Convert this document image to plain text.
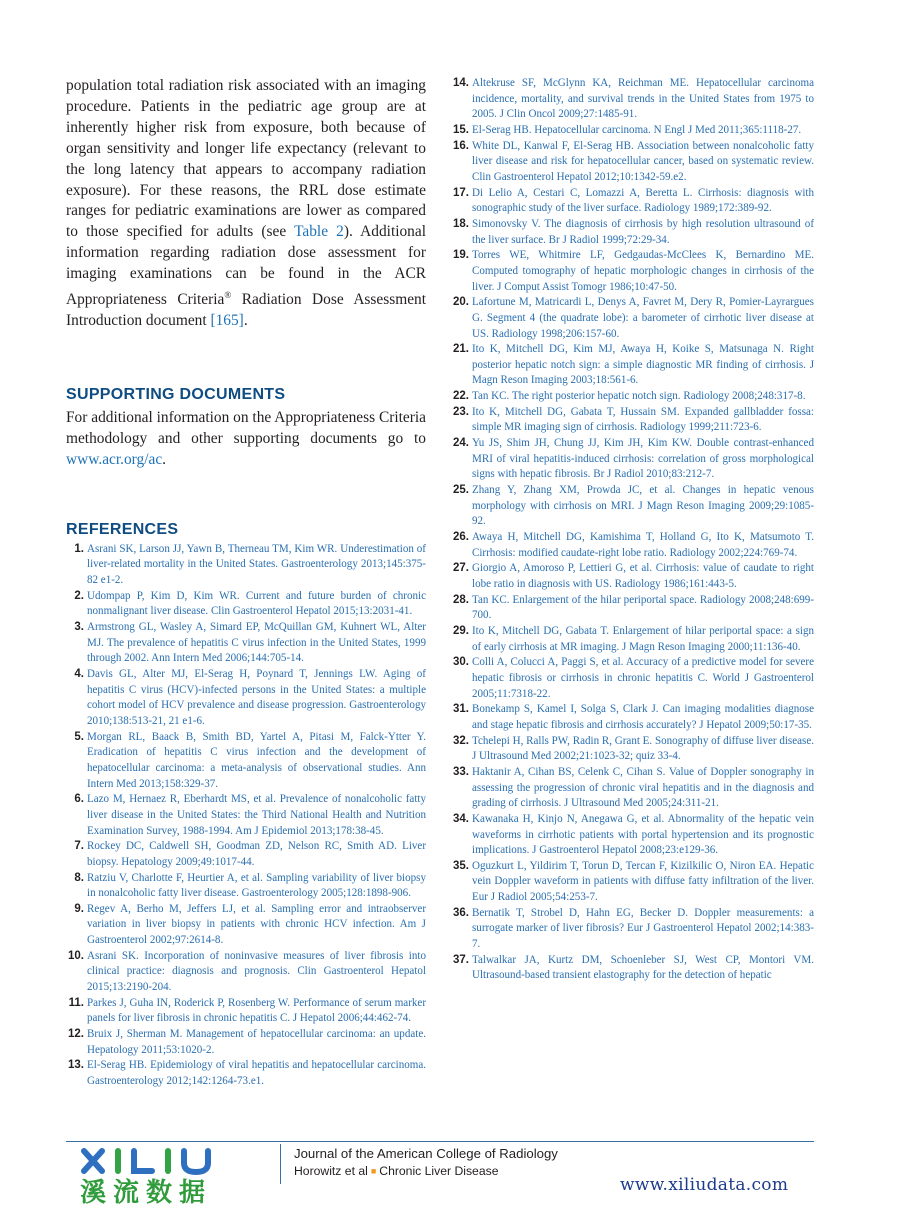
population total radiation risk associated with an imaging procedure. Patients in the pediatric age group are at inherently higher risk from exposure, both because of organ sensitivity and longer life expectancy (relevant to the long latency that appears to accompany radiation exposure). For these reasons, the RRL dose estimate ranges for pediatric examinations are lower as compared to those specified for adults (see Table 2). Additional information regarding radiation dose assessment for imaging examinations can be found in the ACR Appropriateness Criteria® Radiation Dose Assessment Introduction document [165].

SUPPORTING DOCUMENTS

For additional information on the Appropriateness Criteria methodology and other supporting documents go to www.acr.org/ac.

REFERENCES
1. Asrani SK, Larson JJ, Yawn B, Therneau TM, Kim WR. Underestimation of liver-related mortality in the United States. Gastroenterology 2013;145:375-82 e1-2.
2. Udompap P, Kim D, Kim WR. Current and future burden of chronic nonmalignant liver disease. Clin Gastroenterol Hepatol 2015;13:2031-41.
3. Armstrong GL, Wasley A, Simard EP, McQuillan GM, Kuhnert WL, Alter MJ. The prevalence of hepatitis C virus infection in the United States, 1999 through 2002. Ann Intern Med 2006;144:705-14.
4. Davis GL, Alter MJ, El-Serag H, Poynard T, Jennings LW. Aging of hepatitis C virus (HCV)-infected persons in the United States: a multiple cohort model of HCV prevalence and disease progression. Gastroenterology 2010;138:513-21, 21 e1-6.
5. Morgan RL, Baack B, Smith BD, Yartel A, Pitasi M, Falck-Ytter Y. Eradication of hepatitis C virus infection and the development of hepatocellular carcinoma: a meta-analysis of observational studies. Ann Intern Med 2013;158:329-37.
6. Lazo M, Hernaez R, Eberhardt MS, et al. Prevalence of nonalcoholic fatty liver disease in the United States: the Third National Health and Nutrition Examination Survey, 1988-1994. Am J Epidemiol 2013;178:38-45.
7. Rockey DC, Caldwell SH, Goodman ZD, Nelson RC, Smith AD. Liver biopsy. Hepatology 2009;49:1017-44.
8. Ratziu V, Charlotte F, Heurtier A, et al. Sampling variability of liver biopsy in nonalcoholic fatty liver disease. Gastroenterology 2005;128:1898-906.
9. Regev A, Berho M, Jeffers LJ, et al. Sampling error and intraobserver variation in liver biopsy in patients with chronic HCV infection. Am J Gastroenterol 2002;97:2614-8.
10. Asrani SK. Incorporation of noninvasive measures of liver fibrosis into clinical practice: diagnosis and prognosis. Clin Gastroenterol Hepatol 2015;13:2190-204.
11. Parkes J, Guha IN, Roderick P, Rosenberg W. Performance of serum marker panels for liver fibrosis in chronic hepatitis C. J Hepatol 2006;44:462-74.
12. Bruix J, Sherman M. Management of hepatocellular carcinoma: an update. Hepatology 2011;53:1020-2.
13. El-Serag HB. Epidemiology of viral hepatitis and hepatocellular carcinoma. Gastroenterology 2012;142:1264-73.e1.
14. Altekruse SF, McGlynn KA, Reichman ME. Hepatocellular carcinoma incidence, mortality, and survival trends in the United States from 1975 to 2005. J Clin Oncol 2009;27:1485-91.
15. El-Serag HB. Hepatocellular carcinoma. N Engl J Med 2011;365:1118-27.
16. White DL, Kanwal F, El-Serag HB. Association between nonalcoholic fatty liver disease and risk for hepatocellular cancer, based on systematic review. Clin Gastroenterol Hepatol 2012;10:1342-59.e2.
17. Di Lelio A, Cestari C, Lomazzi A, Beretta L. Cirrhosis: diagnosis with sonographic study of the liver surface. Radiology 1989;172:389-92.
18. Simonovsky V. The diagnosis of cirrhosis by high resolution ultrasound of the liver surface. Br J Radiol 1999;72:29-34.
19. Torres WE, Whitmire LF, Gedgaudas-McClees K, Bernardino ME. Computed tomography of hepatic morphologic changes in cirrhosis of the liver. J Comput Assist Tomogr 1986;10:47-50.
20. Lafortune M, Matricardi L, Denys A, Favret M, Dery R, Pomier-Layrargues G. Segment 4 (the quadrate lobe): a barometer of cirrhotic liver disease at US. Radiology 1998;206:157-60.
21. Ito K, Mitchell DG, Kim MJ, Awaya H, Koike S, Matsunaga N. Right posterior hepatic notch sign: a simple diagnostic MR finding of cirrhosis. J Magn Reson Imaging 2003;18:561-6.
22. Tan KC. The right posterior hepatic notch sign. Radiology 2008;248:317-8.
23. Ito K, Mitchell DG, Gabata T, Hussain SM. Expanded gallbladder fossa: simple MR imaging sign of cirrhosis. Radiology 1999;211:723-6.
24. Yu JS, Shim JH, Chung JJ, Kim JH, Kim KW. Double contrast-enhanced MRI of viral hepatitis-induced cirrhosis: correlation of gross morphological signs with hepatic fibrosis. Br J Radiol 2010;83:212-7.
25. Zhang Y, Zhang XM, Prowda JC, et al. Changes in hepatic venous morphology with cirrhosis on MRI. J Magn Reson Imaging 2009;29:1085-92.
26. Awaya H, Mitchell DG, Kamishima T, Holland G, Ito K, Matsumoto T. Cirrhosis: modified caudate-right lobe ratio. Radiology 2002;224:769-74.
27. Giorgio A, Amoroso P, Lettieri G, et al. Cirrhosis: value of caudate to right lobe ratio in diagnosis with US. Radiology 1986;161:443-5.
28. Tan KC. Enlargement of the hilar periportal space. Radiology 2008;248:699-700.
29. Ito K, Mitchell DG, Gabata T. Enlargement of hilar periportal space: a sign of early cirrhosis at MR imaging. J Magn Reson Imaging 2000;11:136-40.
30. Colli A, Colucci A, Paggi S, et al. Accuracy of a predictive model for severe hepatic fibrosis or cirrhosis in chronic hepatitis C. World J Gastroenterol 2005;11:7318-22.
31. Bonekamp S, Kamel I, Solga S, Clark J. Can imaging modalities diagnose and stage hepatic fibrosis and cirrhosis accurately? J Hepatol 2009;50:17-35.
32. Tchelepi H, Ralls PW, Radin R, Grant E. Sonography of diffuse liver disease. J Ultrasound Med 2002;21:1023-32; quiz 33-4.
33. Haktanir A, Cihan BS, Celenk C, Cihan S. Value of Doppler sonography in assessing the progression of chronic viral hepatitis and in the diagnosis and grading of cirrhosis. J Ultrasound Med 2005;24:311-21.
34. Kawanaka H, Kinjo N, Anegawa G, et al. Abnormality of the hepatic vein waveforms in cirrhotic patients with portal hypertension and its prognostic implications. J Gastroenterol Hepatol 2008;23:e129-36.
35. Oguzkurt L, Yildirim T, Torun D, Tercan F, Kizilkilic O, Niron EA. Hepatic vein Doppler waveform in patients with diffuse fatty infiltration of the liver. Eur J Radiol 2005;54:253-7.
36. Bernatik T, Strobel D, Hahn EG, Becker D. Doppler measurements: a surrogate marker of liver fibrosis? Eur J Gastroenterol Hepatol 2002;14:383-7.
37. Talwalkar JA, Kurtz DM, Schoenleber SJ, West CP, Montori VM. Ultrasound-based transient elastography for the detection of hepatic

溪流数据

Journal of the American College of Radiology

Horowitz et al ■ Chronic Liver Disease

www.xiliudata.com
